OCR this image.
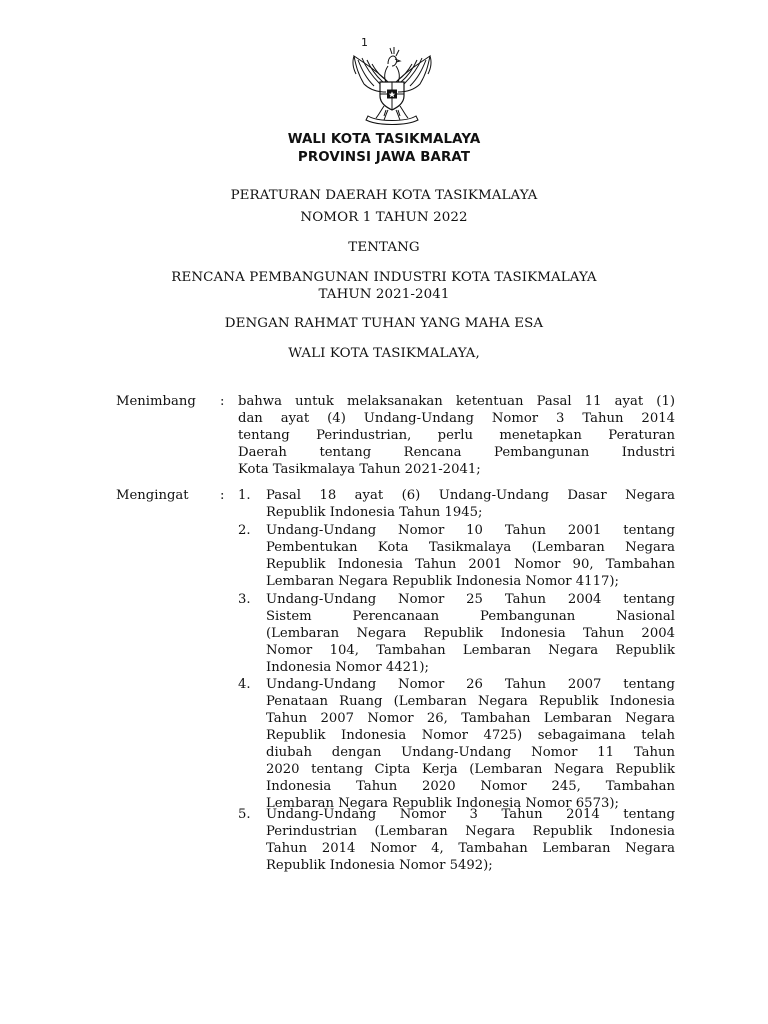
1
WALI KOTA TASIKMALAYA
PROVINSI JAWA BARAT
PERATURAN DAERAH KOTA TASIKMALAYA
NOMOR 1 TAHUN 2022
TENTANG
RENCANA PEMBANGUNAN INDUSTRI KOTA TASIKMALAYA
TAHUN 2021-2041
DENGAN RAHMAT TUHAN YANG MAHA ESA
WALI KOTA TASIKMALAYA,
Menimbang : bahwa untuk melaksanakan ketentuan Pasal 11 ayat (1)
dan ayat (4) Undang-Undang Nomor 3 Tahun 2014
tentang Perindustrian, perlu menetapkan Peraturan
Daerah tentang Rencana Pembangunan Industri
Kota Tasikmalaya Tahun 2021-2041;
Mengingat : 1. Pasal 18 ayat (6) Undang-Undang Dasar Negara
Republik Indonesia Tahun 1945;
2. Undang-Undang Nomor 10 Tahun 2001 tentang
Pembentukan Kota Tasikmalaya (Lembaran Negara
Republik Indonesia Tahun 2001 Nomor 90, Tambahan
Lembaran Negara Republik Indonesia Nomor 4117);
3. Undang-Undang Nomor 25 Tahun 2004 tentang
Sistem Perencanaan Pembangunan Nasional
(Lembaran Negara Republik Indonesia Tahun 2004
Nomor 104, Tambahan Lembaran Negara Republik
Indonesia Nomor 4421);
4. Undang-Undang Nomor 26 Tahun 2007 tentang
Penataan Ruang (Lembaran Negara Republik Indonesia
Tahun 2007 Nomor 26, Tambahan Lembaran Negara
Republik Indonesia Nomor 4725) sebagaimana telah
diubah dengan Undang-Undang Nomor 11 Tahun
2020 tentang Cipta Kerja (Lembaran Negara Republik
Indonesia Tahun 2020 Nomor 245, Tambahan
Lembaran Negara Republik Indonesia Nomor 6573);
5. Undang-Undang Nomor 3 Tahun 2014 tentang
Perindustrian (Lembaran Negara Republik Indonesia
Tahun 2014 Nomor 4, Tambahan Lembaran Negara
Republik Indonesia Nomor 5492);
